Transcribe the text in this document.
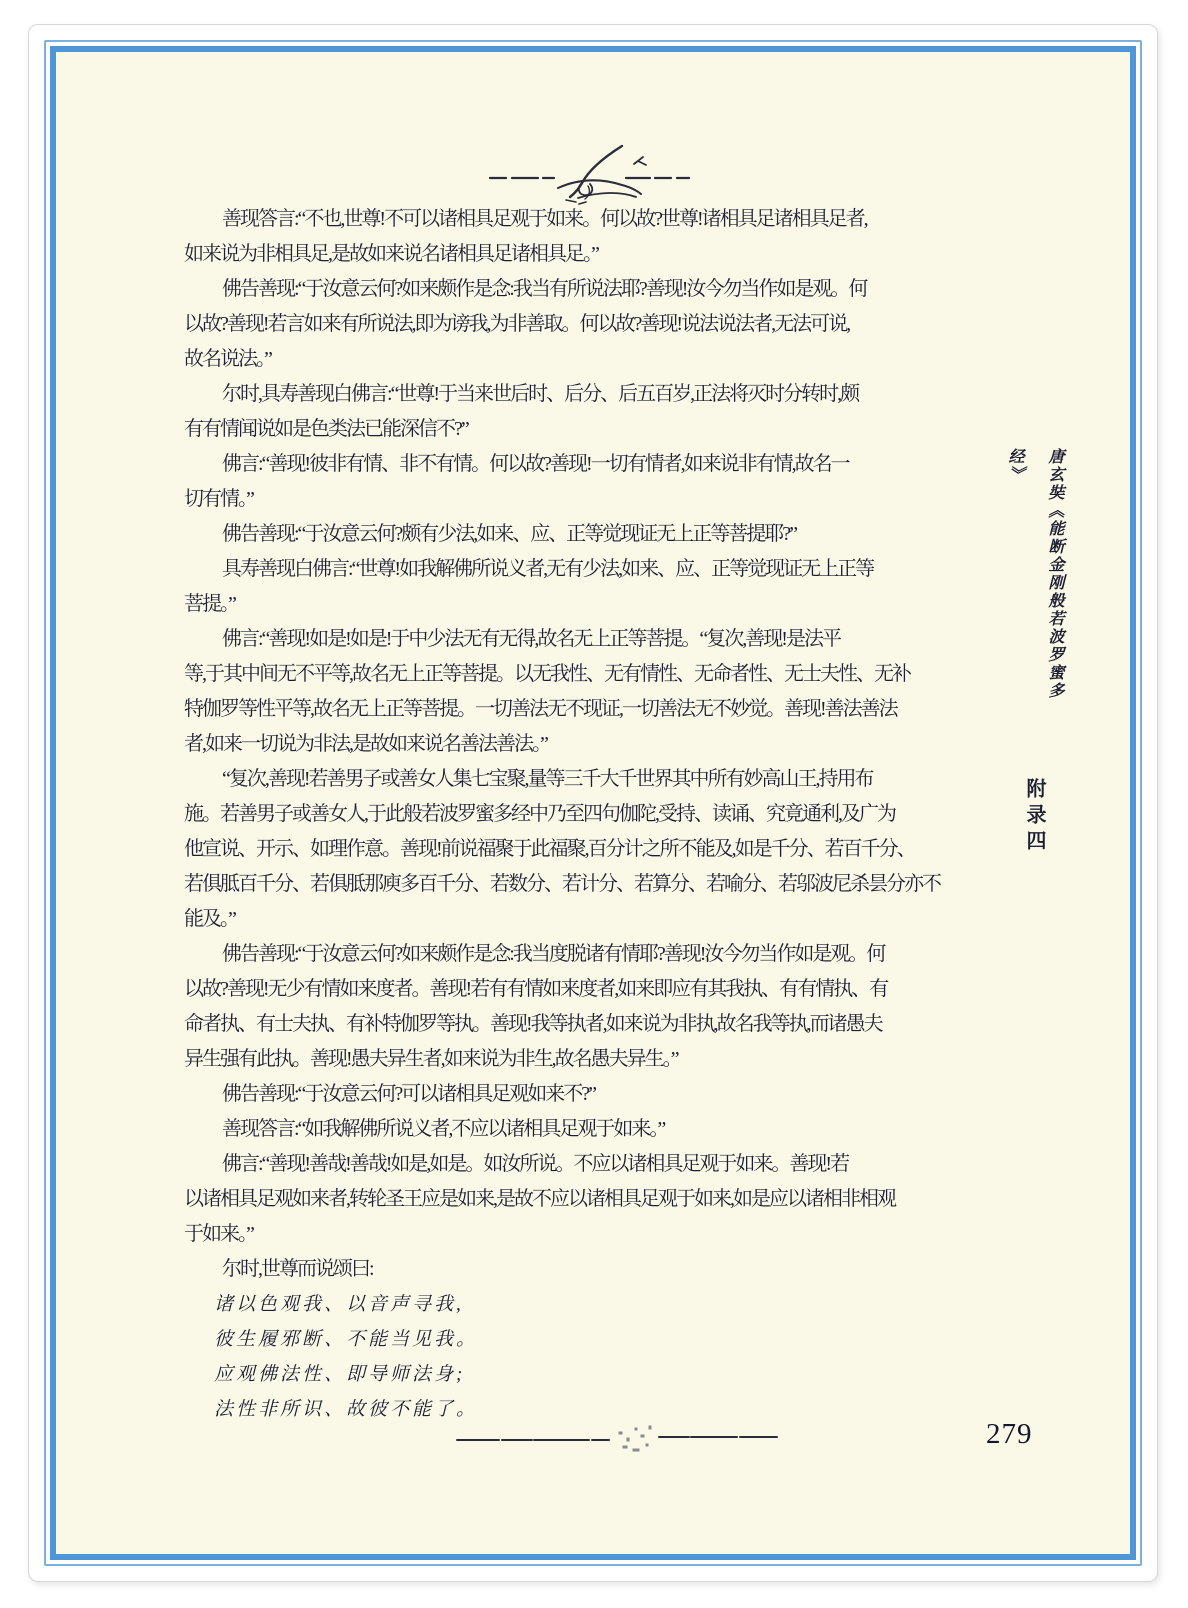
善现答言:“不也,世尊!不可以诸相具足观于如来。何以故?世尊!诸相具足诸相具足者,
如来说为非相具足,是故如来说名诸相具足诸相具足。”
佛告善现:“于汝意云何?如来颇作是念:我当有所说法耶?善现!汝今勿当作如是观。何
以故?善现!若言如来有所说法,即为谤我,为非善取。何以故?善现!说法说法者,无法可说,
故名说法。”
尔时,具寿善现白佛言:“世尊!于当来世后时、后分、后五百岁,正法将灭时分转时,颇
有有情闻说如是色类法已能深信不?”
佛言:“善现!彼非有情、非不有情。何以故?善现!一切有情者,如来说非有情,故名一
切有情。”
佛告善现:“于汝意云何?颇有少法,如来、应、正等觉现证无上正等菩提耶?”
具寿善现白佛言:“世尊!如我解佛所说义者,无有少法,如来、应、正等觉现证无上正等
菩提。”
佛言:“善现!如是!如是!于中少法无有无得,故名无上正等菩提。“复次,善现!是法平
等,于其中间无不平等,故名无上正等菩提。以无我性、无有情性、无命者性、无士夫性、无补
特伽罗等性平等,故名无上正等菩提。一切善法无不现证,一切善法无不妙觉。善现!善法善法
者,如来一切说为非法,是故如来说名善法善法。”
“复次,善现!若善男子或善女人集七宝聚,量等三千大千世界其中所有妙高山王,持用布
施。若善男子或善女人,于此般若波罗蜜多经中乃至四句伽陀,受持、读诵、究竟通利,及广为
他宣说、开示、如理作意。善现!前说福聚于此福聚,百分计之所不能及,如是千分、若百千分、
若俱胝百千分、若俱胝那庾多百千分、若数分、若计分、若算分、若喻分、若邬波尼杀昙分亦不
能及。”
佛告善现:“于汝意云何?如来颇作是念:我当度脱诸有情耶?善现!汝今勿当作如是观。何
以故?善现!无少有情如来度者。善现!若有有情如来度者,如来即应有其我执、有有情执、有
命者执、有士夫执、有补特伽罗等执。善现!我等执者,如来说为非执,故名我等执,而诸愚夫
异生强有此执。善现!愚夫异生者,如来说为非生,故名愚夫异生。”
佛告善现:“于汝意云何?可以诸相具足观如来不?”
善现答言:“如我解佛所说义者,不应以诸相具足观于如来。”
佛言:“善现!善哉!善哉!如是,如是。如汝所说。不应以诸相具足观于如来。善现!若
以诸相具足观如来者,转轮圣王应是如来,是故不应以诸相具足观于如来,如是应以诸相非相观
于如来。”
尔时,世尊而说颂曰:
诸以色观我、以音声寻我,
彼生履邪断、不能当见我。
应观佛法性、即导师法身;
法性非所识、故彼不能了。
唐玄奘《能断金刚般若波罗蜜多经》
附录四
279
